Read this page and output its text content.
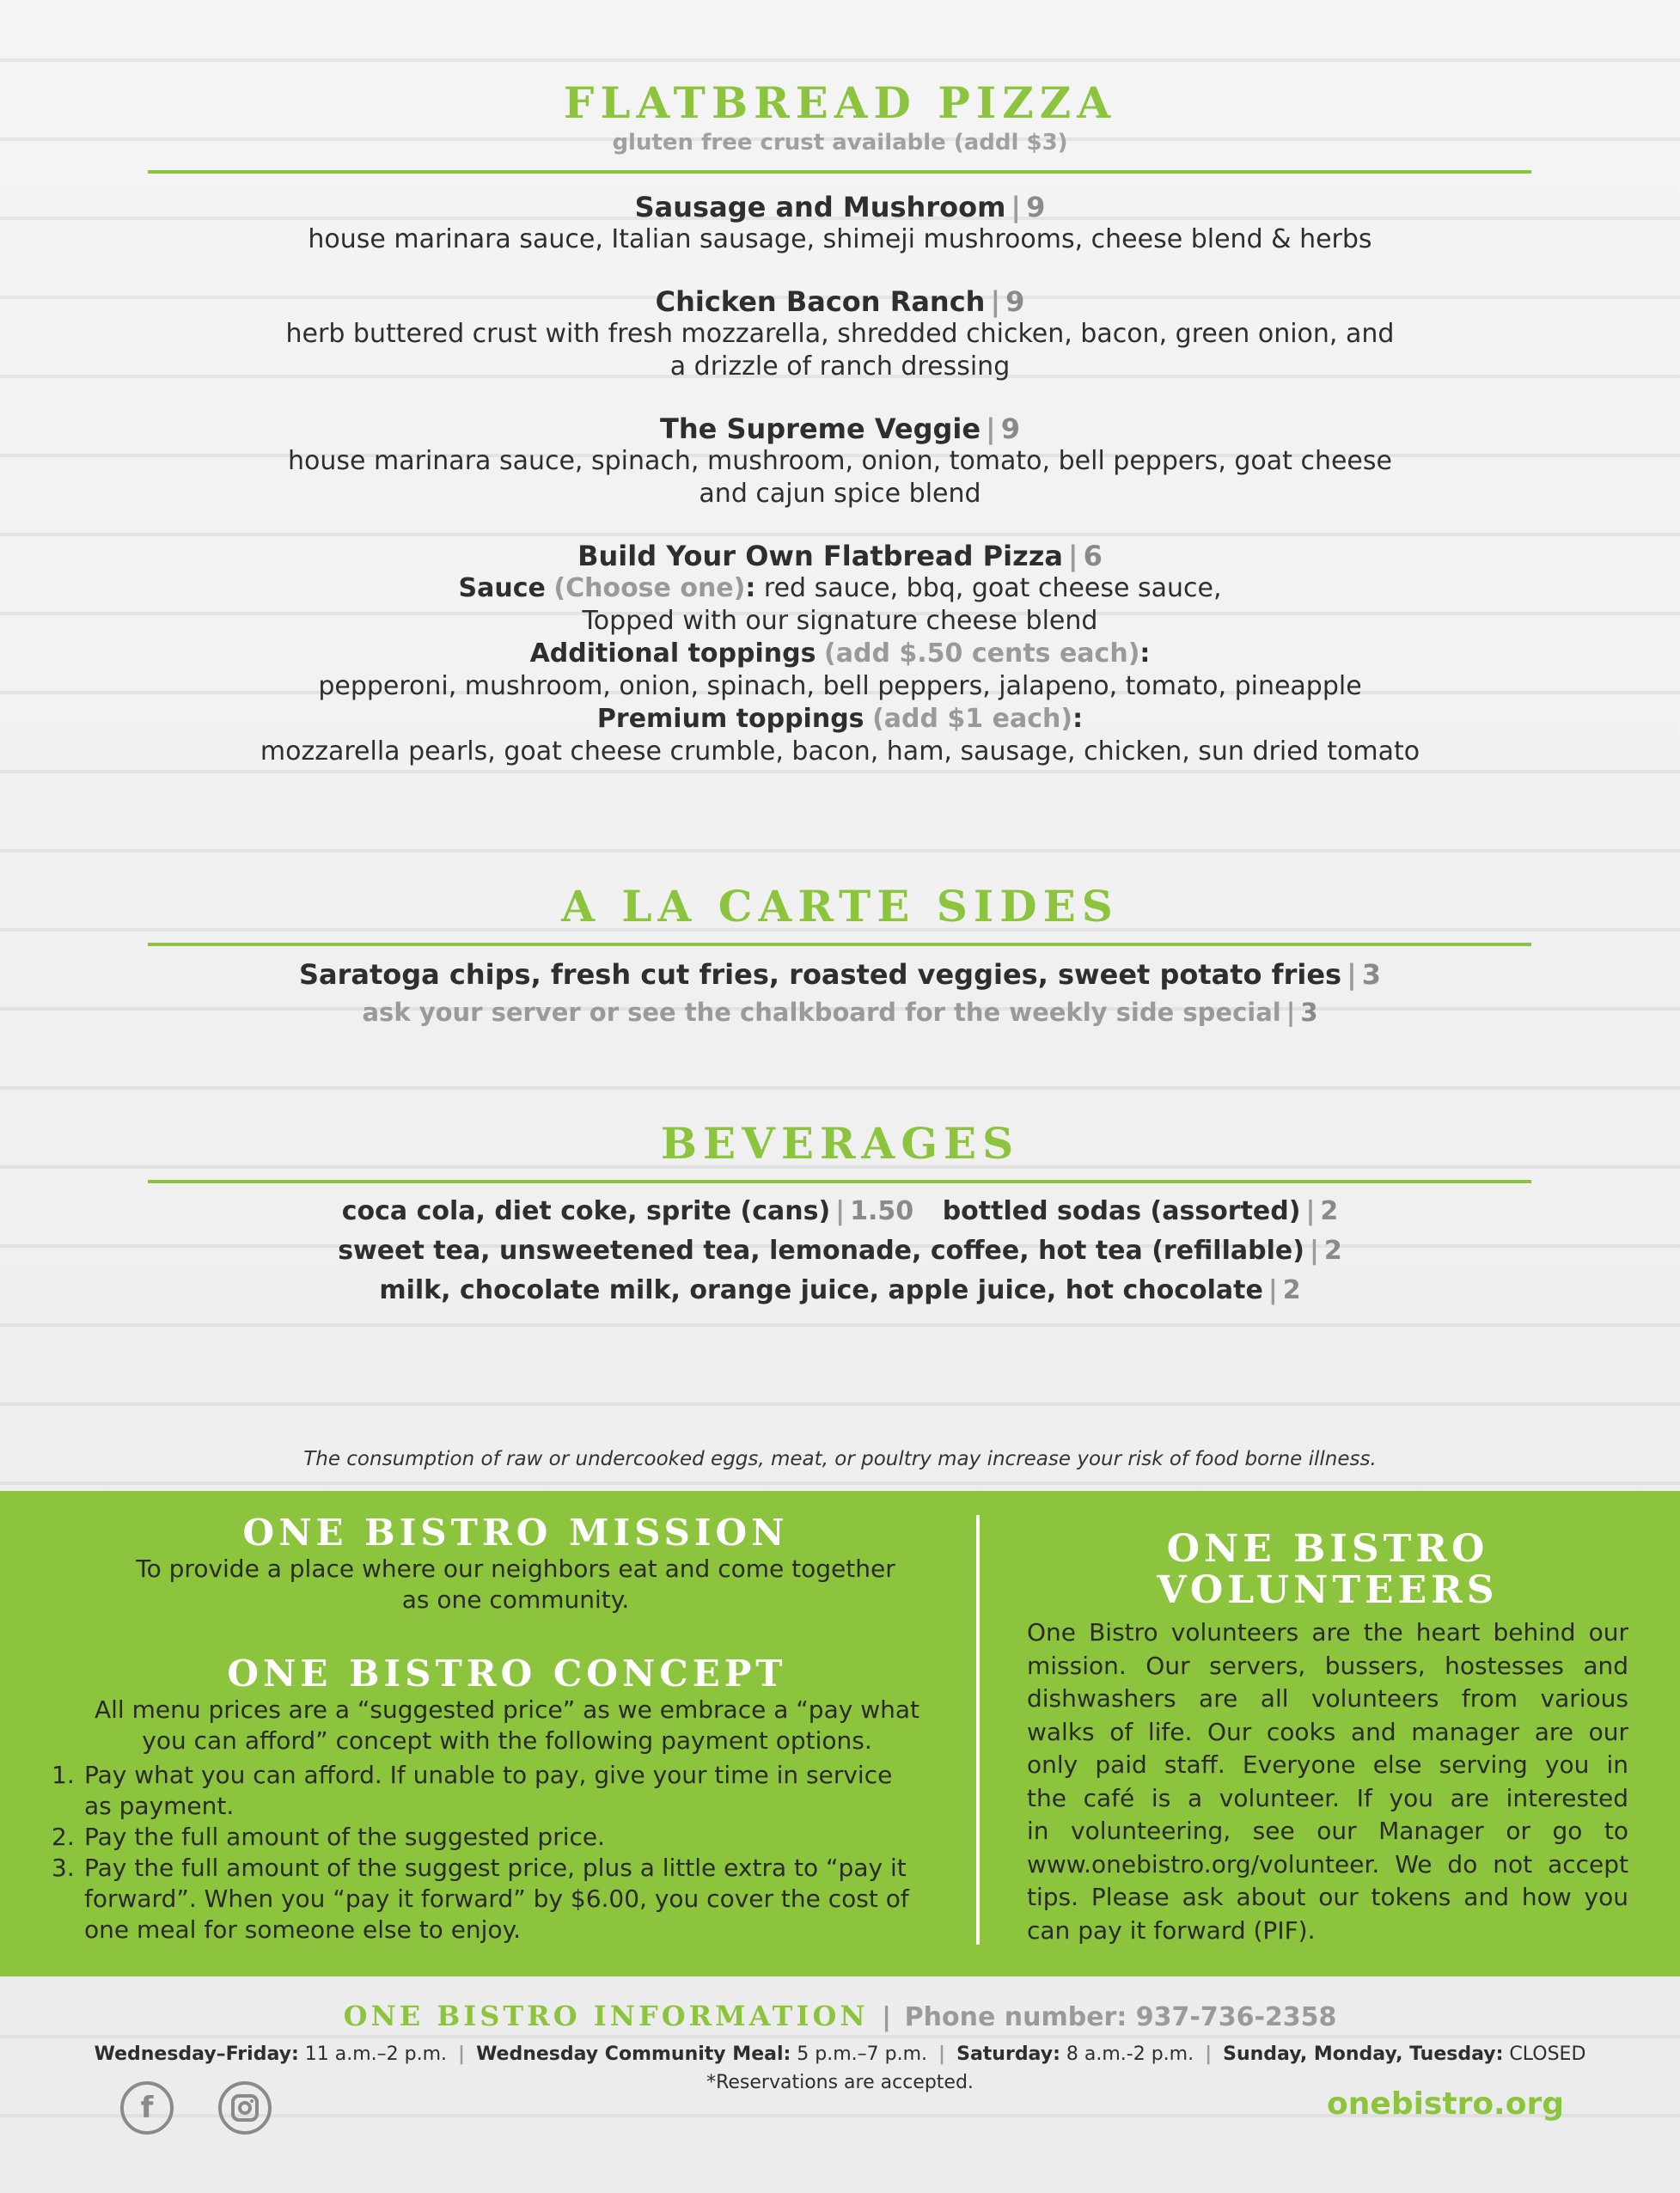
FLATBREAD PIZZA
gluten free crust available (addl $3)
Sausage and Mushroom | 9
house marinara sauce, Italian sausage, shimeji mushrooms, cheese blend & herbs
Chicken Bacon Ranch | 9
herb buttered crust with fresh mozzarella, shredded chicken, bacon, green onion, and
a drizzle of ranch dressing
The Supreme Veggie | 9
house marinara sauce, spinach, mushroom, onion, tomato, bell peppers, goat cheese
and cajun spice blend
Build Your Own Flatbread Pizza | 6
Sauce (Choose one): red sauce, bbq, goat cheese sauce,
Topped with our signature cheese blend
Additional toppings (add $.50 cents each):
pepperoni, mushroom, onion, spinach, bell peppers, jalapeno, tomato, pineapple
Premium toppings (add $1 each):
mozzarella pearls, goat cheese crumble, bacon, ham, sausage, chicken, sun dried tomato
A LA CARTE SIDES
Saratoga chips, fresh cut fries, roasted veggies, sweet potato fries | 3
ask your server or see the chalkboard for the weekly side special | 3
BEVERAGES
coca cola, diet coke, sprite (cans) | 1.50 bottled sodas (assorted) | 2
sweet tea, unsweetened tea, lemonade, coffee, hot tea (refillable) | 2
milk, chocolate milk, orange juice, apple juice, hot chocolate | 2
The consumption of raw or undercooked eggs, meat, or poultry may increase your risk of food borne illness.
ONE BISTRO MISSION
To provide a place where our neighbors eat and come together
as one community.
ONE BISTRO CONCEPT
All menu prices are a “suggested price” as we embrace a “pay what
you can afford” concept with the following payment options.
1. Pay what you can afford. If unable to pay, give your time in service
as payment.
2. Pay the full amount of the suggested price.
3. Pay the full amount of the suggest price, plus a little extra to “pay it
forward”. When you “pay it forward” by $6.00, you cover the cost of
one meal for someone else to enjoy.
ONE BISTRO
VOLUNTEERS
One Bistro volunteers are the heart behind our
mission. Our servers, bussers, hostesses and
dishwashers are all volunteers from various
walks of life. Our cooks and manager are our
only paid staff. Everyone else serving you in
the café is a volunteer. If you are interested
in volunteering, see our Manager or go to
www.onebistro.org/volunteer. We do not accept
tips. Please ask about our tokens and how you
can pay it forward (PIF).
ONE BISTRO INFORMATION | Phone number: 937-736-2358
Wednesday–Friday: 11 a.m.–2 p.m. | Wednesday Community Meal: 5 p.m.–7 p.m. | Saturday: 8 a.m.-2 p.m. | Sunday, Monday, Tuesday: CLOSED
*Reservations are accepted.
f	onebistro.org
